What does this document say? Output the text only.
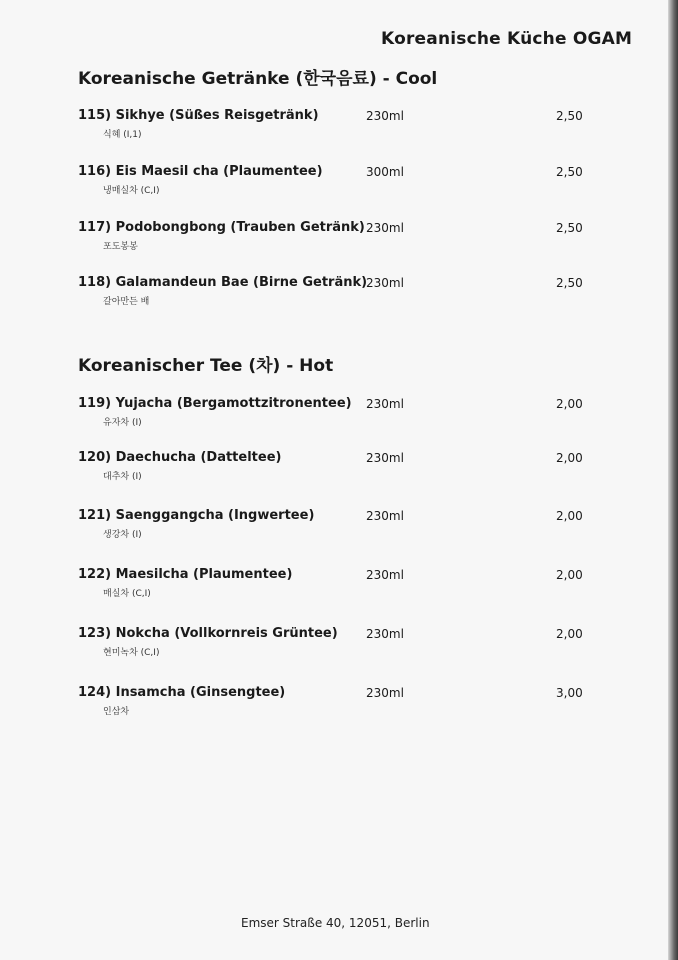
Koreanische Küche OGAM
Koreanische Getränke (한국음료) - Cool
115) Sikhye (Süßes Reisgetränk)
식혜 (I,1)
230ml	2,50
116) Eis Maesil cha (Plaumentee)
냉매실차 (C,I)
300ml	2,50
117) Podobongbong (Trauben Getränk)
포도봉봉
230ml	2,50
118) Galamandeun Bae (Birne Getränk)
갈아만든 배
230ml	2,50
Koreanischer Tee (차) - Hot
119) Yujacha (Bergamottzitronentee)
유자차 (I)
230ml	2,00
120) Daechucha (Datteltee)
대추차 (I)
230ml	2,00
121) Saenggangcha (Ingwertee)
생강차 (I)
230ml	2,00
122) Maesilcha (Plaumentee)
매실차 (C,I)
230ml	2,00
123) Nokcha (Vollkornreis Grüntee)
현미녹차 (C,I)
230ml	2,00
124) Insamcha (Ginsengtee)
인삼차
230ml	3,00
Emser Straße 40, 12051, Berlin
